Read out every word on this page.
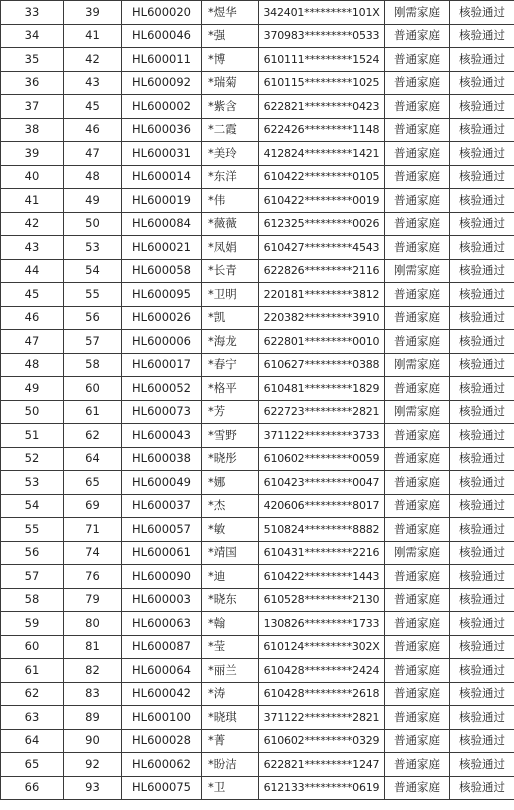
33	39	HL600020	*煜华	342401*********101X	刚需家庭	核验通过
34	41	HL600046	*强	370983*********0533	普通家庭	核验通过
35	42	HL600011	*博	610111*********1524	普通家庭	核验通过
36	43	HL600092	*瑞菊	610115*********1025	普通家庭	核验通过
37	45	HL600002	*紫含	622821*********0423	普通家庭	核验通过
38	46	HL600036	*二霞	622426*********1148	普通家庭	核验通过
39	47	HL600031	*美玲	412824*********1421	普通家庭	核验通过
40	48	HL600014	*东洋	610422*********0105	普通家庭	核验通过
41	49	HL600019	*伟	610422*********0019	普通家庭	核验通过
42	50	HL600084	*薇薇	612325*********0026	普通家庭	核验通过
43	53	HL600021	*凤娟	610427*********4543	普通家庭	核验通过
44	54	HL600058	*长青	622826*********2116	刚需家庭	核验通过
45	55	HL600095	*卫明	220181*********3812	普通家庭	核验通过
46	56	HL600026	*凯	220382*********3910	普通家庭	核验通过
47	57	HL600006	*海龙	622801*********0010	普通家庭	核验通过
48	58	HL600017	*春宁	610627*********0388	刚需家庭	核验通过
49	60	HL600052	*格平	610481*********1829	普通家庭	核验通过
50	61	HL600073	*芳	622723*********2821	刚需家庭	核验通过
51	62	HL600043	*雪野	371122*********3733	普通家庭	核验通过
52	64	HL600038	*晓彤	610602*********0059	普通家庭	核验通过
53	65	HL600049	*娜	610423*********0047	普通家庭	核验通过
54	69	HL600037	*杰	420606*********8017	普通家庭	核验通过
55	71	HL600057	*敏	510824*********8882	普通家庭	核验通过
56	74	HL600061	*靖国	610431*********2216	刚需家庭	核验通过
57	76	HL600090	*迪	610422*********1443	普通家庭	核验通过
58	79	HL600003	*晓东	610528*********2130	普通家庭	核验通过
59	80	HL600063	*翰	130826*********1733	普通家庭	核验通过
60	81	HL600087	*莹	610124*********302X	普通家庭	核验通过
61	82	HL600064	*丽兰	610428*********2424	普通家庭	核验通过
62	83	HL600042	*涛	610428*********2618	普通家庭	核验通过
63	89	HL600100	*晓琪	371122*********2821	普通家庭	核验通过
64	90	HL600028	*菁	610602*********0329	普通家庭	核验通过
65	92	HL600062	*盼洁	622821*********1247	普通家庭	核验通过
66	93	HL600075	*卫	612133*********0619	普通家庭	核验通过
